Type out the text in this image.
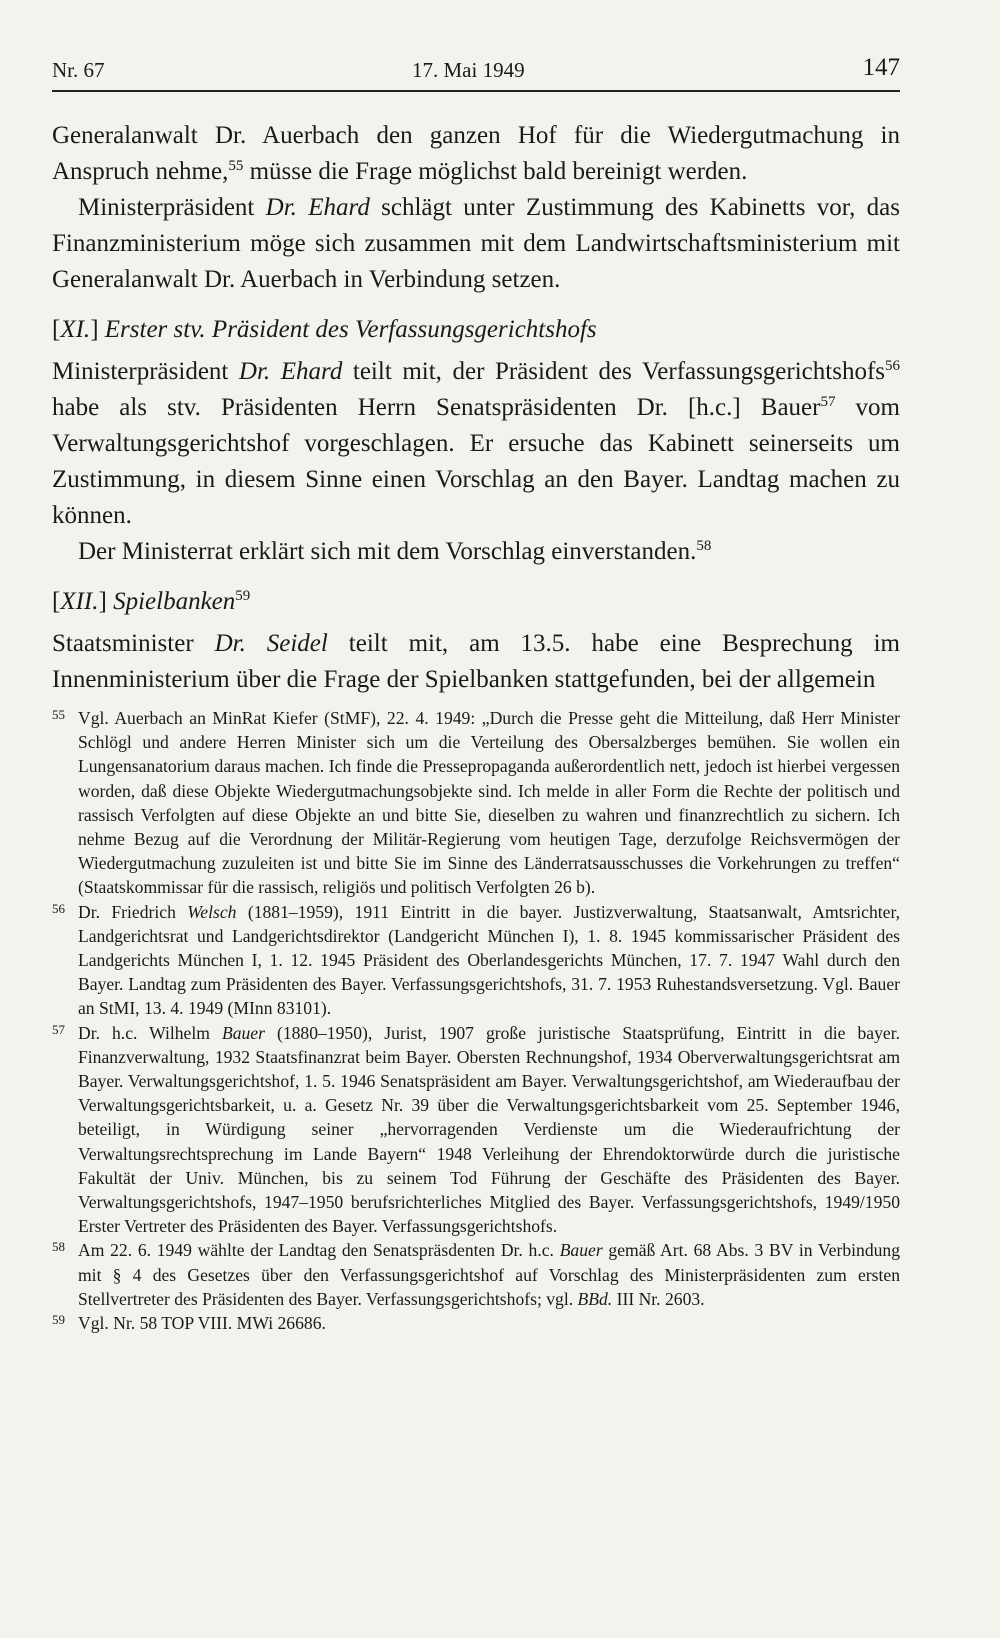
Nr. 67	17. Mai 1949	147

Generalanwalt Dr. Auerbach den ganzen Hof für die Wiedergutmachung in Anspruch nehme,$^{55}$ müsse die Frage möglichst bald bereinigt werden.

Ministerpräsident Dr. Ehard schlägt unter Zustimmung des Kabinetts vor, das Finanzministerium möge sich zusammen mit dem Landwirtschaftsministerium mit Generalanwalt Dr. Auerbach in Verbindung setzen.

[XI.] Erster stv. Präsident des Verfassungsgerichtshofs

Ministerpräsident Dr. Ehard teilt mit, der Präsident des Verfassungsgerichtshofs$^{56}$ habe als stv. Präsidenten Herrn Senatspräsidenten Dr. [h.c.] Bauer$^{57}$ vom Verwaltungsgerichtshof vorgeschlagen. Er ersuche das Kabinett seinerseits um Zustimmung, in diesem Sinne einen Vorschlag an den Bayer. Landtag machen zu können.

Der Ministerrat erklärt sich mit dem Vorschlag einverstanden.$^{58}$

[XII.] Spielbanken$^{59}$

Staatsminister Dr. Seidel teilt mit, am 13.5. habe eine Besprechung im Innenministerium über die Frage der Spielbanken stattgefunden, bei der allgemein

55 Vgl. Auerbach an MinRat Kiefer (StMF), 22. 4. 1949: „Durch die Presse geht die Mitteilung, daß Herr Minister Schlögl und andere Herren Minister sich um die Verteilung des Obersalzberges bemühen. Sie wollen ein Lungensanatorium daraus machen. Ich finde die Pressepropaganda außerordentlich nett, jedoch ist hierbei vergessen worden, daß diese Objekte Wiedergutmachungsobjekte sind. Ich melde in aller Form die Rechte der politisch und rassisch Verfolgten auf diese Objekte an und bitte Sie, dieselben zu wahren und finanzrechtlich zu sichern. Ich nehme Bezug auf die Verordnung der Militär-Regierung vom heutigen Tage, derzufolge Reichsvermögen der Wiedergutmachung zuzuleiten ist und bitte Sie im Sinne des Länderratsausschusses die Vorkehrungen zu treffen“ (Staatskommissar für die rassisch, religiös und politisch Verfolgten 26 b).

56 Dr. Friedrich Welsch (1881–1959), 1911 Eintritt in die bayer. Justizverwaltung, Staatsanwalt, Amtsrichter, Landgerichtsrat und Landgerichtsdirektor (Landgericht München I), 1. 8. 1945 kommissarischer Präsident des Landgerichts München I, 1. 12. 1945 Präsident des Oberlandesgerichts München, 17. 7. 1947 Wahl durch den Bayer. Landtag zum Präsidenten des Bayer. Verfassungsgerichtshofs, 31. 7. 1953 Ruhestandsversetzung. Vgl. Bauer an StMI, 13. 4. 1949 (MInn 83101).

57 Dr. h.c. Wilhelm Bauer (1880–1950), Jurist, 1907 große juristische Staatsprüfung, Eintritt in die bayer. Finanzverwaltung, 1932 Staatsfinanzrat beim Bayer. Obersten Rechnungshof, 1934 Oberverwaltungsgerichtsrat am Bayer. Verwaltungsgerichtshof, 1. 5. 1946 Senatspräsident am Bayer. Verwaltungsgerichtshof, am Wiederaufbau der Verwaltungsgerichtsbarkeit, u. a. Gesetz Nr. 39 über die Verwaltungsgerichtsbarkeit vom 25. September 1946, beteiligt, in Würdigung seiner „hervorragenden Verdienste um die Wiederaufrichtung der Verwaltungsrechtsprechung im Lande Bayern“ 1948 Verleihung der Ehrendoktorwürde durch die juristische Fakultät der Univ. München, bis zu seinem Tod Führung der Geschäfte des Präsidenten des Bayer. Verwaltungsgerichtshofs, 1947–1950 berufsrichterliches Mitglied des Bayer. Verfassungsgerichtshofs, 1949/1950 Erster Vertreter des Präsidenten des Bayer. Verfassungsgerichtshofs.

58 Am 22. 6. 1949 wählte der Landtag den Senatspräsdenten Dr. h.c. Bauer gemäß Art. 68 Abs. 3 BV in Verbindung mit § 4 des Gesetzes über den Verfassungsgerichtshof auf Vorschlag des Ministerpräsidenten zum ersten Stellvertreter des Präsidenten des Bayer. Verfassungsgerichtshofs; vgl. BBd. III Nr. 2603.

59 Vgl. Nr. 58 TOP VIII. MWi 26686.
